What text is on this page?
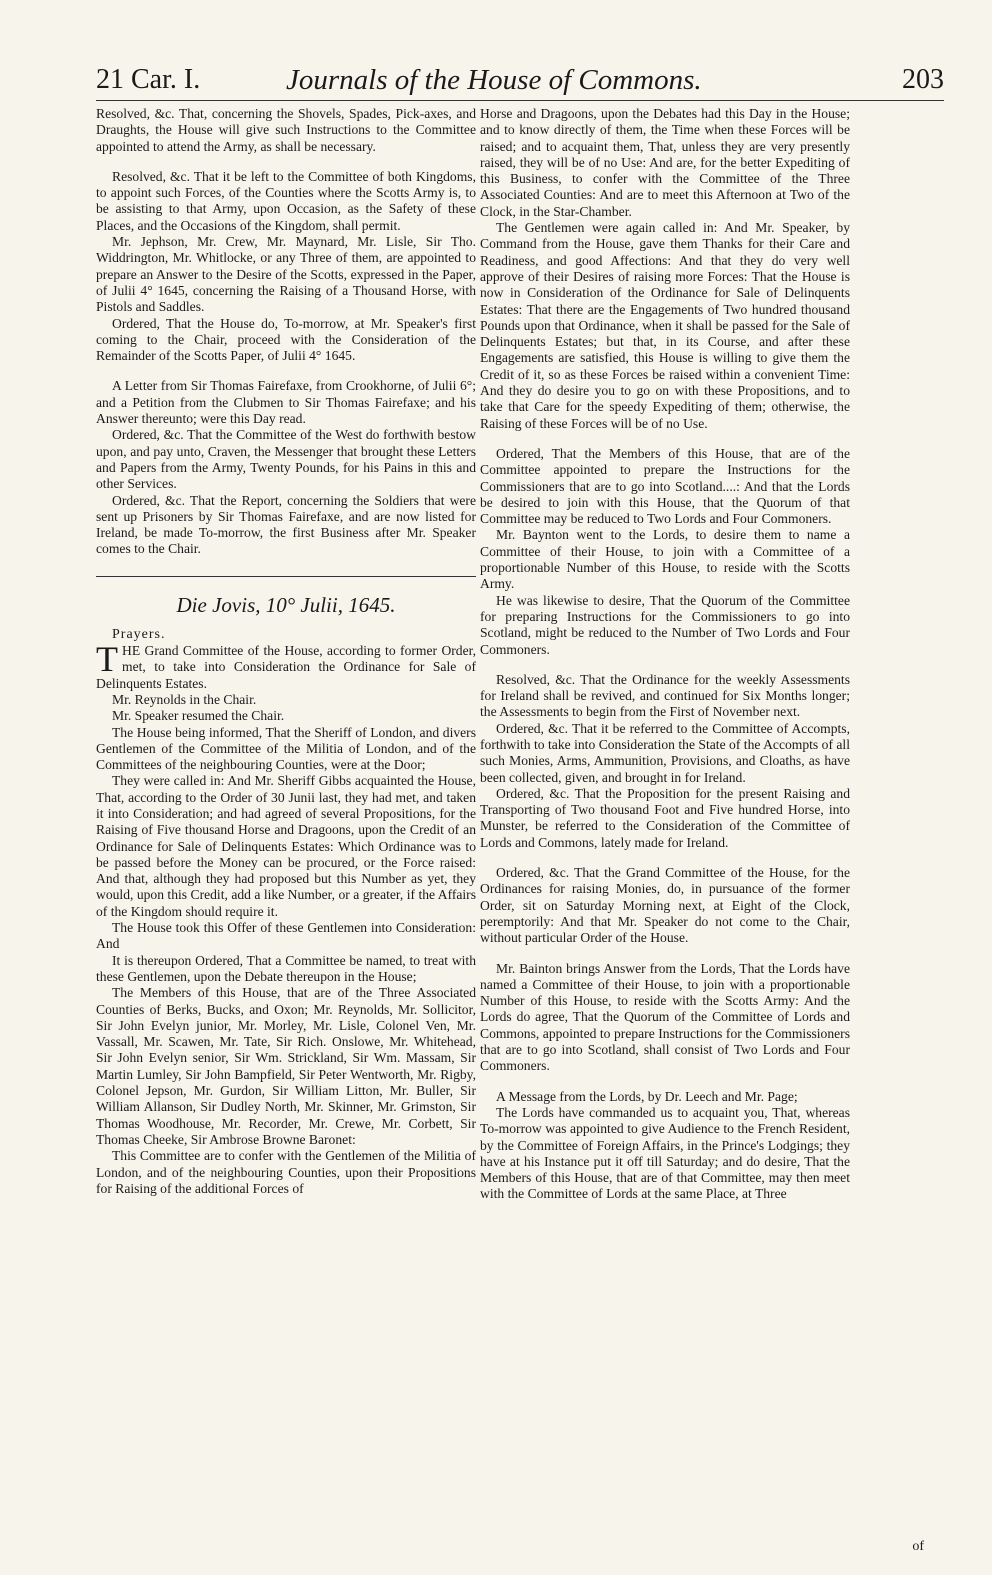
21 Car. I.	Journals of the House of Commons.	203

Resolved, &c. That, concerning the Shovels, Spades, Pick-axes, and Draughts, the House will give such Instructions to the Committee appointed to attend the Army, as shall be necessary.

Resolved, &c. That it be left to the Committee of both Kingdoms, to appoint such Forces, of the Counties where the Scotts Army is, to be assisting to that Army, upon Occasion, as the Safety of these Places, and the Occasions of the Kingdom, shall permit.

Mr. Jephson, Mr. Crew, Mr. Maynard, Mr. Lisle, Sir Tho. Widdrington, Mr. Whitlocke, or any Three of them, are appointed to prepare an Answer to the Desire of the Scotts, expressed in the Paper, of Julii 4° 1645, concerning the Raising of a Thousand Horse, with Pistols and Saddles.

Ordered, That the House do, To-morrow, at Mr. Speaker's first coming to the Chair, proceed with the Consideration of the Remainder of the Scotts Paper, of Julii 4° 1645.

A Letter from Sir Thomas Fairefaxe, from Crookhorne, of Julii 6°; and a Petition from the Clubmen to Sir Thomas Fairefaxe; and his Answer thereunto; were this Day read.

Ordered, &c. That the Committee of the West do forthwith bestow upon, and pay unto, Craven, the Messenger that brought these Letters and Papers from the Army, Twenty Pounds, for his Pains in this and other Services.

Ordered, &c. That the Report, concerning the Soldiers that were sent up Prisoners by Sir Thomas Fairefaxe, and are now listed for Ireland, be made To-morrow, the first Business after Mr. Speaker comes to the Chair.

Die Jovis, 10° Julii, 1645.

Prayers.

THE Grand Committee of the House, according to former Order, met, to take into Consideration the Ordinance for Sale of Delinquents Estates.

Mr. Reynolds in the Chair.

Mr. Speaker resumed the Chair.

The House being informed, That the Sheriff of London, and divers Gentlemen of the Committee of the Militia of London, and of the Committees of the neighbouring Counties, were at the Door;

They were called in: And Mr. Sheriff Gibbs acquainted the House, That, according to the Order of 30 Junii last, they had met, and taken it into Consideration; and had agreed of several Propositions, for the Raising of Five thousand Horse and Dragoons, upon the Credit of an Ordinance for Sale of Delinquents Estates: Which Ordinance was to be passed before the Money can be procured, or the Force raised: And that, although they had proposed but this Number as yet, they would, upon this Credit, add a like Number, or a greater, if the Affairs of the Kingdom should require it.

The House took this Offer of these Gentlemen into Consideration: And

It is thereupon Ordered, That a Committee be named, to treat with these Gentlemen, upon the Debate thereupon in the House;

The Members of this House, that are of the Three Associated Counties of Berks, Bucks, and Oxon; Mr. Reynolds, Mr. Sollicitor, Sir John Evelyn junior, Mr. Morley, Mr. Lisle, Colonel Ven, Mr. Vassall, Mr. Scawen, Mr. Tate, Sir Rich. Onslowe, Mr. Whitehead, Sir John Evelyn senior, Sir Wm. Strickland, Sir Wm. Massam, Sir Martin Lumley, Sir John Bampfield, Sir Peter Wentworth, Mr. Rigby, Colonel Jepson, Mr. Gurdon, Sir William Litton, Mr. Buller, Sir William Allanson, Sir Dudley North, Mr. Skinner, Mr. Grimston, Sir Thomas Woodhouse, Mr. Recorder, Mr. Crewe, Mr. Corbett, Sir Thomas Cheeke, Sir Ambrose Browne Baronet:

This Committee are to confer with the Gentlemen of the Militia of London, and of the neighbouring Counties, upon their Propositions for Raising of the additional Forces of

Horse and Dragoons, upon the Debates had this Day in the House; and to know directly of them, the Time when these Forces will be raised; and to acquaint them, That, unless they are very presently raised, they will be of no Use: And are, for the better Expediting of this Business, to confer with the Committee of the Three Associated Counties: And are to meet this Afternoon at Two of the Clock, in the Star-Chamber.

The Gentlemen were again called in: And Mr. Speaker, by Command from the House, gave them Thanks for their Care and Readiness, and good Affections: And that they do very well approve of their Desires of raising more Forces: That the House is now in Consideration of the Ordinance for Sale of Delinquents Estates: That there are the Engagements of Two hundred thousand Pounds upon that Ordinance, when it shall be passed for the Sale of Delinquents Estates; but that, in its Course, and after these Engagements are satisfied, this House is willing to give them the Credit of it, so as these Forces be raised within a convenient Time: And they do desire you to go on with these Propositions, and to take that Care for the speedy Expediting of them; otherwise, the Raising of these Forces will be of no Use.

Ordered, That the Members of this House, that are of the Committee appointed to prepare the Instructions for the Commissioners that are to go into Scotland....: And that the Lords be desired to join with this House, that the Quorum of that Committee may be reduced to Two Lords and Four Commoners.

Mr. Baynton went to the Lords, to desire them to name a Committee of their House, to join with a Committee of a proportionable Number of this House, to reside with the Scotts Army.

He was likewise to desire, That the Quorum of the Committee for preparing Instructions for the Commissioners to go into Scotland, might be reduced to the Number of Two Lords and Four Commoners.

Resolved, &c. That the Ordinance for the weekly Assessments for Ireland shall be revived, and continued for Six Months longer; the Assessments to begin from the First of November next.

Ordered, &c. That it be referred to the Committee of Accompts, forthwith to take into Consideration the State of the Accompts of all such Monies, Arms, Ammunition, Provisions, and Cloaths, as have been collected, given, and brought in for Ireland.

Ordered, &c. That the Proposition for the present Raising and Transporting of Two thousand Foot and Five hundred Horse, into Munster, be referred to the Consideration of the Committee of Lords and Commons, lately made for Ireland.

Ordered, &c. That the Grand Committee of the House, for the Ordinances for raising Monies, do, in pursuance of the former Order, sit on Saturday Morning next, at Eight of the Clock, peremptorily: And that Mr. Speaker do not come to the Chair, without particular Order of the House.

Mr. Bainton brings Answer from the Lords, That the Lords have named a Committee of their House, to join with a proportionable Number of this House, to reside with the Scotts Army: And the Lords do agree, That the Quorum of the Committee of Lords and Commons, appointed to prepare Instructions for the Commissioners that are to go into Scotland, shall consist of Two Lords and Four Commoners.

A Message from the Lords, by Dr. Leech and Mr. Page;

The Lords have commanded us to acquaint you, That, whereas To-morrow was appointed to give Audience to the French Resident, by the Committee of Foreign Affairs, in the Prince's Lodgings; they have at his Instance put it off till Saturday; and do desire, That the Members of this House, that are of that Committee, may then meet with the Committee of Lords at the same Place, at Three

of
